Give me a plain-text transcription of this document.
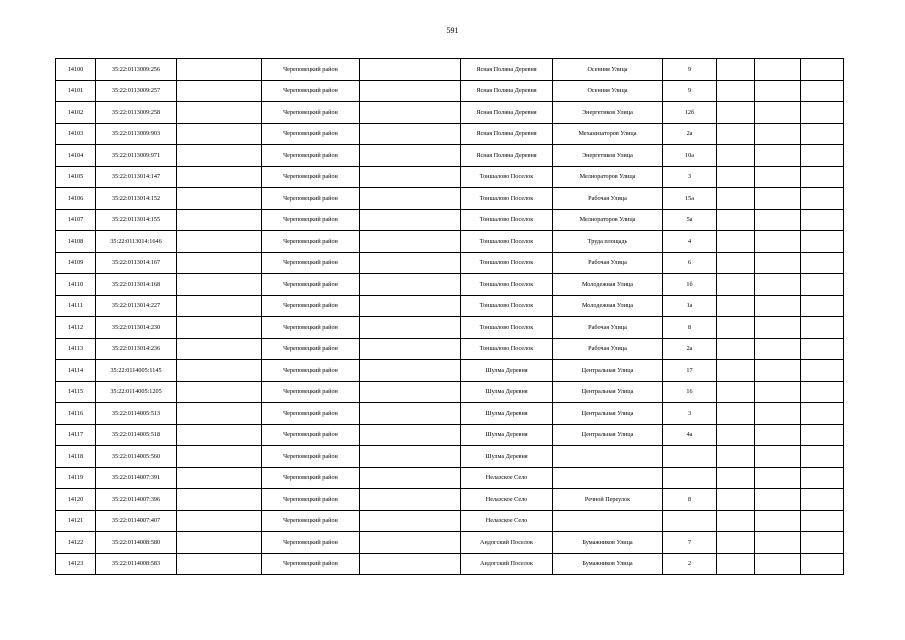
591
14100	35:22:0113009:256		Череповецкий район		Ясная Поляна Деревня	Осенняя Улица	9			
14101	35:22:0113009:257		Череповецкий район		Ясная Поляна Деревня	Осенняя Улица	9			
14102	35:22:0113009:258		Череповецкий район		Ясная Поляна Деревня	Энергетиков Улица	12б			
14103	35:22:0113009:903		Череповецкий район		Ясная Поляна Деревня	Механизаторов Улица	2а			
14104	35:22:0113009:971		Череповецкий район		Ясная Поляна Деревня	Энергетиков Улица	10а			
14105	35:22:0113014:147		Череповецкий район		Тоншалово Поселок	Мелиораторов Улица	3			
14106	35:22:0113014:152		Череповецкий район		Тоншалово Поселок	Рабочая Улица	15а			
14107	35:22:0113014:155		Череповецкий район		Тоншалово Поселок	Мелиораторов Улица	5а			
14108	35:22:0113014:1646		Череповецкий район		Тоншалово Поселок	Труда площадь	4			
14109	35:22:0113014:167		Череповецкий район		Тоншалово Поселок	Рабочая Улица	6			
14110	35:22:0113014:168		Череповецкий район		Тоншалово Поселок	Молодежная Улица	1б			
14111	35:22:0113014:227		Череповецкий район		Тоншалово Поселок	Молодежная Улица	1а			
14112	35:22:0113014:230		Череповецкий район		Тоншалово Поселок	Рабочая Улица	8			
14113	35:22:0113014:236		Череповецкий район		Тоншалово Поселок	Рабочая Улица	2а			
14114	35:22:0114005:1145		Череповецкий район		Шулма Деревня	Центральная Улица	17			
14115	35:22:0114005:1205		Череповецкий район		Шулма Деревня	Центральная Улица	16			
14116	35:22:0114005:513		Череповецкий район		Шулма Деревня	Центральная Улица	3			
14117	35:22:0114005:518		Череповецкий район		Шулма Деревня	Центральная Улица	4а			
14118	35:22:0114005:560		Череповецкий район		Шулма Деревня					
14119	35:22:0114007:391		Череповецкий район		Нелазское Село					
14120	35:22:0114007:396		Череповецкий район		Нелазское Село	Речной Переулок	8			
14121	35:22:0114007:407		Череповецкий район		Нелазское Село					
14122	35:22:0114008:580		Череповецкий район		Андогский Поселок	Бумажников Улица	7			
14123	35:22:0114008:583		Череповецкий район		Андогский Поселок	Бумажников Улица	2			
